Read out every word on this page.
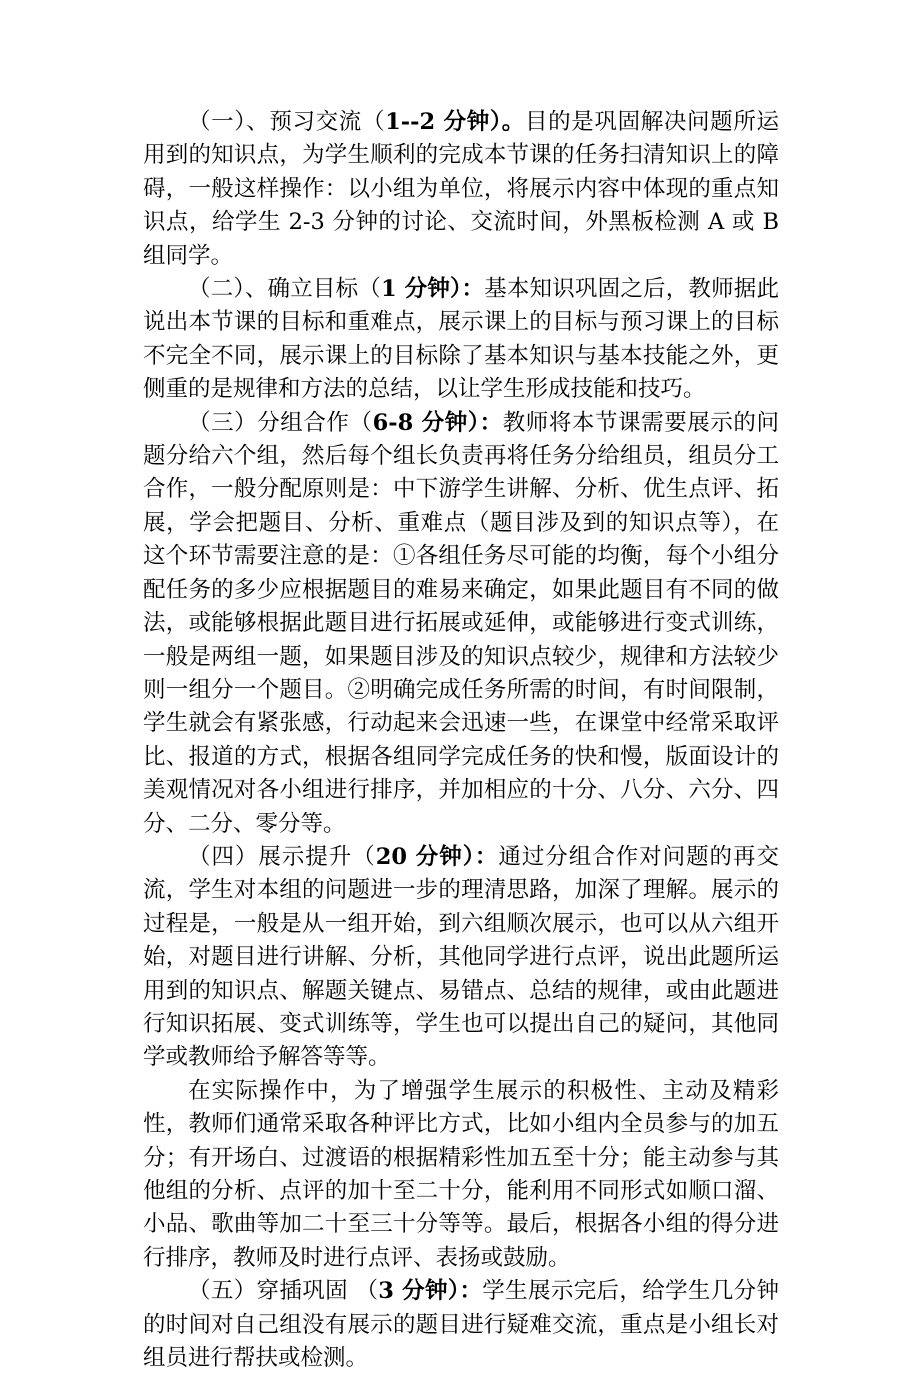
（一）、预习交流（1--2 分钟）。目的是巩固解决问题所运用到的知识点，为学生顺利的完成本节课的任务扫清知识上的障碍，一般这样操作：以小组为单位，将展示内容中体现的重点知识点，给学生 2-3 分钟的讨论、交流时间，外黑板检测 A 或 B 组同学。

（二）、确立目标（1 分钟）：基本知识巩固之后，教师据此说出本节课的目标和重难点，展示课上的目标与预习课上的目标不完全不同，展示课上的目标除了基本知识与基本技能之外，更侧重的是规律和方法的总结，以让学生形成技能和技巧。

（三）分组合作（6-8 分钟）：教师将本节课需要展示的问题分给六个组，然后每个组长负责再将任务分给组员，组员分工合作，一般分配原则是：中下游学生讲解、分析、优生点评、拓展，学会把题目、分析、重难点（题目涉及到的知识点等），在这个环节需要注意的是：①各组任务尽可能的均衡，每个小组分配任务的多少应根据题目的难易来确定，如果此题目有不同的做法，或能够根据此题目进行拓展或延伸，或能够进行变式训练，一般是两组一题，如果题目涉及的知识点较少，规律和方法较少则一组分一个题目。②明确完成任务所需的时间，有时间限制，学生就会有紧张感，行动起来会迅速一些，在课堂中经常采取评比、报道的方式，根据各组同学完成任务的快和慢，版面设计的美观情况对各小组进行排序，并加相应的十分、八分、六分、四分、二分、零分等。

（四）展示提升（20 分钟）：通过分组合作对问题的再交流，学生对本组的问题进一步的理清思路，加深了理解。展示的过程是，一般是从一组开始，到六组顺次展示，也可以从六组开始，对题目进行讲解、分析，其他同学进行点评，说出此题所运用到的知识点、解题关键点、易错点、总结的规律，或由此题进行知识拓展、变式训练等，学生也可以提出自己的疑问，其他同学或教师给予解答等等。

在实际操作中，为了增强学生展示的积极性、主动及精彩性，教师们通常采取各种评比方式，比如小组内全员参与的加五分；有开场白、过渡语的根据精彩性加五至十分；能主动参与其他组的分析、点评的加十至二十分，能利用不同形式如顺口溜、小品、歌曲等加二十至三十分等等。最后，根据各小组的得分进行排序，教师及时进行点评、表扬或鼓励。

（五）穿插巩固 （3 分钟）：学生展示完后，给学生几分钟的时间对自己组没有展示的题目进行疑难交流，重点是小组长对组员进行帮扶或检测。
